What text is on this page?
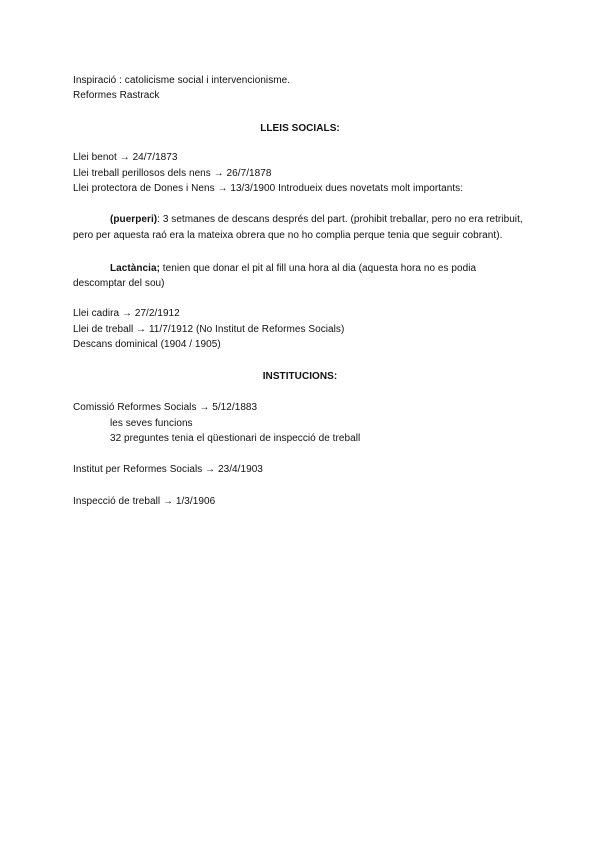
Inspiració : catolicisme social i intervencionisme.
Reformes Rastrack
LLEIS SOCIALS:
Llei benot → 24/7/1873
Llei treball perillosos dels nens → 26/7/1878
Llei protectora de Dones i Nens → 13/3/1900 Introdueix dues novetats molt importants:
(puerperi): 3 setmanes de descans després del part. (prohibit treballar, pero no era retribuit,
pero per aquesta raó era la mateixa obrera que no ho complia perque tenia que seguir cobrant).
Lactància; tenien que donar el pit al fill una hora al dia (aquesta hora no es podia
descomptar del sou)
Llei cadira → 27/2/1912
Llei de treball → 11/7/1912 (No Institut de Reformes Socials)
Descans dominical (1904 / 1905)
INSTITUCIONS:
Comissió Reformes Socials → 5/12/1883
les seves funcions
32 preguntes tenia el qüestionari de inspecció de treball
Institut per Reformes Socials → 23/4/1903
Inspecció de treball → 1/3/1906
